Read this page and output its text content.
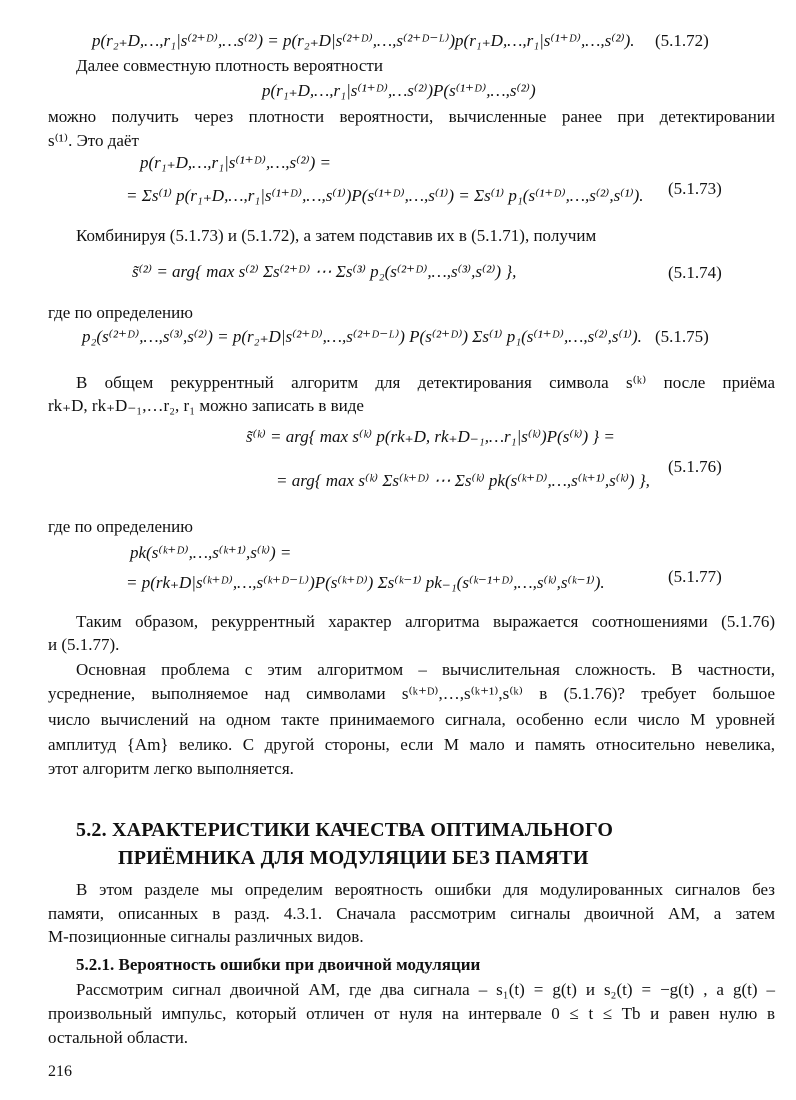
p(r₂₊D,…,r₁|s⁽²⁺ᴰ⁾,…s⁽²⁾) = p(r₂₊D|s⁽²⁺ᴰ⁾,…,s⁽²⁺ᴰ⁻ᴸ⁾)p(r₁₊D,…,r₁|s⁽¹⁺ᴰ⁾,…,s⁽²⁾). (5.1.72)
Далее совместную плотность вероятности
p(r₁₊D,…,r₁|s⁽¹⁺ᴰ⁾,…s⁽²⁾)P(s⁽¹⁺ᴰ⁾,…,s⁽²⁾)
можно получить через плотности вероятности, вычисленные ранее при детектировании
s⁽¹⁾. Это даёт
p(r₁₊D,…,r₁|s⁽¹⁺ᴰ⁾,…,s⁽²⁾) =
= Σs⁽¹⁾ p(r₁₊D,…,r₁|s⁽¹⁺ᴰ⁾,…,s⁽¹⁾)P(s⁽¹⁺ᴰ⁾,…,s⁽¹⁾) = Σs⁽¹⁾ p₁(s⁽¹⁺ᴰ⁾,…,s⁽²⁾,s⁽¹⁾). (5.1.73)
Комбинируя (5.1.73) и (5.1.72), а затем подставив их в (5.1.71), получим
s̃⁽²⁾ = arg{ max s⁽²⁾ Σs⁽²⁺ᴰ⁾ ⋯ Σs⁽³⁾ p₂(s⁽²⁺ᴰ⁾,…,s⁽³⁾,s⁽²⁾) },	(5.1.74)
где по определению
p₂(s⁽²⁺ᴰ⁾,…,s⁽³⁾,s⁽²⁾) = p(r₂₊D|s⁽²⁺ᴰ⁾,…,s⁽²⁺ᴰ⁻ᴸ⁾) P(s⁽²⁺ᴰ⁾) Σs⁽¹⁾ p₁(s⁽¹⁺ᴰ⁾,…,s⁽²⁾,s⁽¹⁾). (5.1.75)
В общем рекуррентный алгоритм для детектирования символа s⁽ᵏ⁾ после приёма
rk₊D, rk₊D₋₁,…r₂, r₁ можно записать в виде
s̃⁽ᵏ⁾ = arg{ max s⁽ᵏ⁾ p(rk₊D, rk₊D₋₁,…r₁|s⁽ᵏ⁾)P(s⁽ᵏ⁾) } =
= arg{ max s⁽ᵏ⁾ Σs⁽ᵏ⁺ᴰ⁾ ⋯ Σs⁽ᵏ⁾ pk(s⁽ᵏ⁺ᴰ⁾,…,s⁽ᵏ⁺¹⁾,s⁽ᵏ⁾) },
(5.1.76)
где по определению
pk(s⁽ᵏ⁺ᴰ⁾,…,s⁽ᵏ⁺¹⁾,s⁽ᵏ⁾) =
= p(rk₊D|s⁽ᵏ⁺ᴰ⁾,…,s⁽ᵏ⁺ᴰ⁻ᴸ⁾)P(s⁽ᵏ⁺ᴰ⁾) Σs⁽ᵏ⁻¹⁾ pk₋₁(s⁽ᵏ⁻¹⁺ᴰ⁾,…,s⁽ᵏ⁾,s⁽ᵏ⁻¹⁾).	(5.1.77)
Таким образом, рекуррентный характер алгоритма выражается соотношениями (5.1.76)
и (5.1.77).
Основная проблема с этим алгоритмом – вычислительная сложность. В частности,
усреднение, выполняемое над символами s⁽ᵏ⁺ᴰ⁾,…,s⁽ᵏ⁺¹⁾,s⁽ᵏ⁾ в (5.1.76)? требует большое
число вычислений на одном такте принимаемого сигнала, особенно если число M уровней
амплитуд {Am} велико. С другой стороны, если M мало и память относительно невелика,
этот алгоритм легко выполняется.
5.2. ХАРАКТЕРИСТИКИ КАЧЕСТВА ОПТИМАЛЬНОГО
ПРИЁМНИКА ДЛЯ МОДУЛЯЦИИ БЕЗ ПАМЯТИ
В этом разделе мы определим вероятность ошибки для модулированных сигналов без
памяти, описанных в разд. 4.3.1. Сначала рассмотрим сигналы двоичной АМ, а затем
M-позиционные сигналы различных видов.
5.2.1. Вероятность ошибки при двоичной модуляции
Рассмотрим сигнал двоичной АМ, где два сигнала – s₁(t) = g(t) и s₂(t) = −g(t) , а g(t) –
произвольный импульс, который отличен от нуля на интервале 0 ≤ t ≤ Tb и равен нулю в
остальной области.
216
